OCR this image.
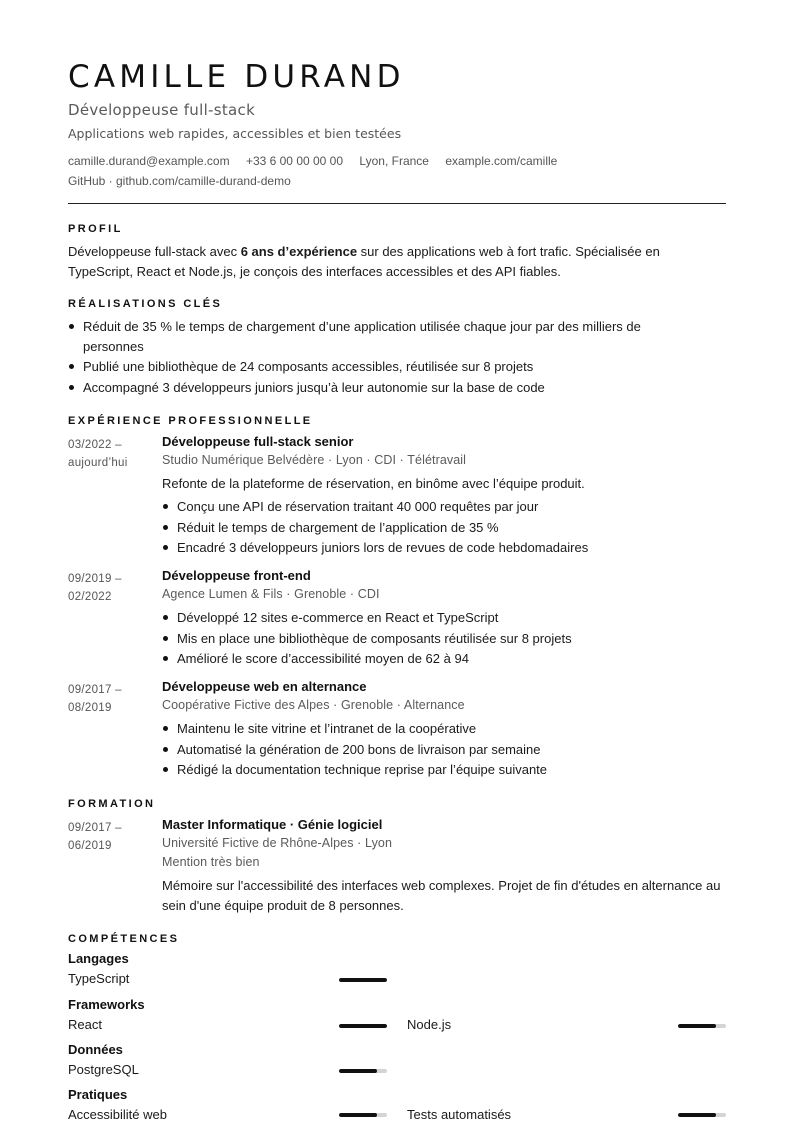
CAMILLE DURAND
Développeuse full-stack
Applications web rapides, accessibles et bien testées
camille.durand@example.com +33 6 00 00 00 00 Lyon, France example.com/camille
GitHub · github.com/camille-durand-demo
PROFIL
Développeuse full-stack avec 6 ans d’expérience sur des applications web à fort trafic. Spécialisée en TypeScript, React et Node.js, je conçois des interfaces accessibles et des API fiables.
RÉALISATIONS CLÉS
Réduit de 35 % le temps de chargement d’une application utilisée chaque jour par des milliers de personnes
Publié une bibliothèque de 24 composants accessibles, réutilisée sur 8 projets
Accompagné 3 développeurs juniors jusqu’à leur autonomie sur la base de code
EXPÉRIENCE PROFESSIONNELLE
03/2022 –
aujourd’hui
Développeuse full-stack senior
Studio Numérique Belvédère · Lyon · CDI · Télétravail
Refonte de la plateforme de réservation, en binôme avec l’équipe produit.
Conçu une API de réservation traitant 40 000 requêtes par jour
Réduit le temps de chargement de l’application de 35 %
Encadré 3 développeurs juniors lors de revues de code hebdomadaires
09/2019 –
02/2022
Développeuse front-end
Agence Lumen & Fils · Grenoble · CDI
Développé 12 sites e-commerce en React et TypeScript
Mis en place une bibliothèque de composants réutilisée sur 8 projets
Amélioré le score d’accessibilité moyen de 62 à 94
09/2017 –
08/2019
Développeuse web en alternance
Coopérative Fictive des Alpes · Grenoble · Alternance
Maintenu le site vitrine et l’intranet de la coopérative
Automatisé la génération de 200 bons de livraison par semaine
Rédigé la documentation technique reprise par l’équipe suivante
FORMATION
09/2017 –
06/2019
Master Informatique · Génie logiciel
Université Fictive de Rhône-Alpes · Lyon
Mention très bien
Mémoire sur l'accessibilité des interfaces web complexes. Projet de fin d'études en alternance au sein d'une équipe produit de 8 personnes.
COMPÉTENCES
Langages
TypeScript
Frameworks
React	Node.js
Données
PostgreSQL
Pratiques
Accessibilité web	Tests automatisés
